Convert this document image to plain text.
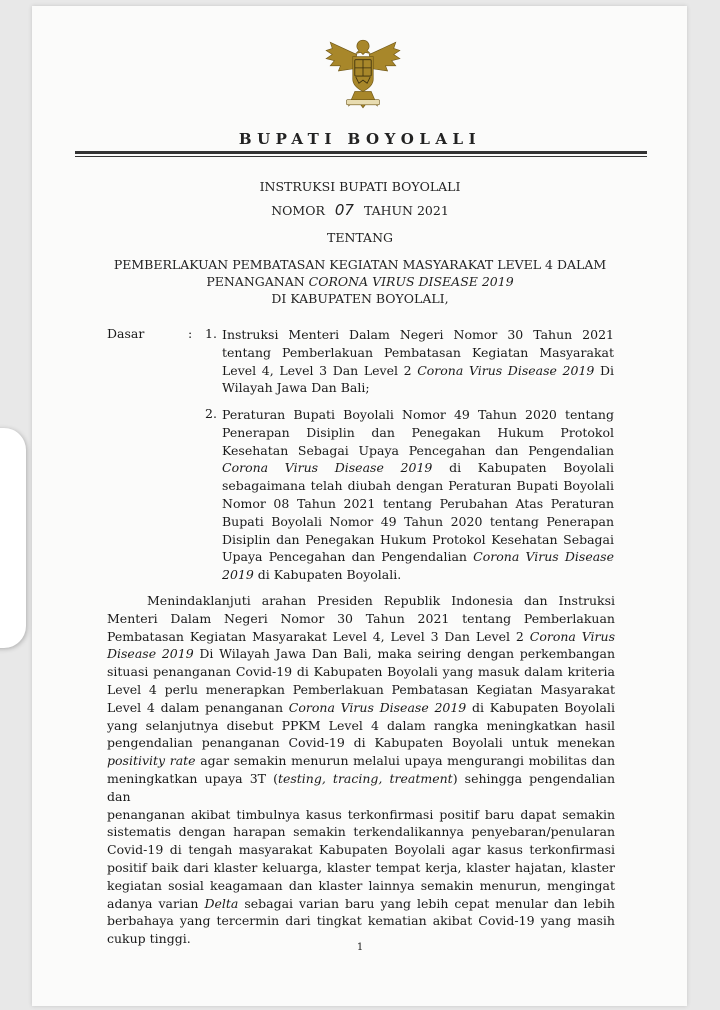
BUPATI BOYOLALI
INSTRUKSI BUPATI BOYOLALI
NOMOR 07 TAHUN 2021
TENTANG
PEMBERLAKUAN PEMBATASAN KEGIATAN MASYARAKAT LEVEL 4 DALAM
PENANGANAN CORONA VIRUS DISEASE 2019
DI KABUPATEN BOYOLALI,
Dasar	: 1. Instruksi Menteri Dalam Negeri Nomor 30 Tahun 2021
tentang Pemberlakuan Pembatasan Kegiatan Masyarakat
Level 4, Level 3 Dan Level 2 Corona Virus Disease 2019 Di
Wilayah Jawa Dan Bali;
2. Peraturan Bupati Boyolali Nomor 49 Tahun 2020 tentang
Penerapan Disiplin dan Penegakan Hukum Protokol
Kesehatan Sebagai Upaya Pencegahan dan Pengendalian
Corona Virus Disease 2019 di Kabupaten Boyolali
sebagaimana telah diubah dengan Peraturan Bupati Boyolali
Nomor 08 Tahun 2021 tentang Perubahan Atas Peraturan
Bupati Boyolali Nomor 49 Tahun 2020 tentang Penerapan
Disiplin dan Penegakan Hukum Protokol Kesehatan Sebagai
Upaya Pencegahan dan Pengendalian Corona Virus Disease
2019 di Kabupaten Boyolali.
Menindaklanjuti arahan Presiden Republik Indonesia dan Instruksi
Menteri Dalam Negeri Nomor 30 Tahun 2021 tentang Pemberlakuan
Pembatasan Kegiatan Masyarakat Level 4, Level 3 Dan Level 2 Corona Virus
Disease 2019 Di Wilayah Jawa Dan Bali, maka seiring dengan perkembangan
situasi penanganan Covid-19 di Kabupaten Boyolali yang masuk dalam kriteria
Level 4 perlu menerapkan Pemberlakuan Pembatasan Kegiatan Masyarakat
Level 4 dalam penanganan Corona Virus Disease 2019 di Kabupaten Boyolali
yang selanjutnya disebut PPKM Level 4 dalam rangka meningkatkan hasil
pengendalian penanganan Covid-19 di Kabupaten Boyolali untuk menekan
positivity rate agar semakin menurun melalui upaya mengurangi mobilitas dan
meningkatkan upaya 3T (testing, tracing, treatment) sehingga pengendalian dan
penanganan akibat timbulnya kasus terkonfirmasi positif baru dapat semakin
sistematis dengan harapan semakin terkendalikannya penyebaran/penularan
Covid-19 di tengah masyarakat Kabupaten Boyolali agar kasus terkonfirmasi
positif baik dari klaster keluarga, klaster tempat kerja, klaster hajatan, klaster
kegiatan sosial keagamaan dan klaster lainnya semakin menurun, mengingat
adanya varian Delta sebagai varian baru yang lebih cepat menular dan lebih
berbahaya yang tercermin dari tingkat kematian akibat Covid-19 yang masih
cukup tinggi.
1
